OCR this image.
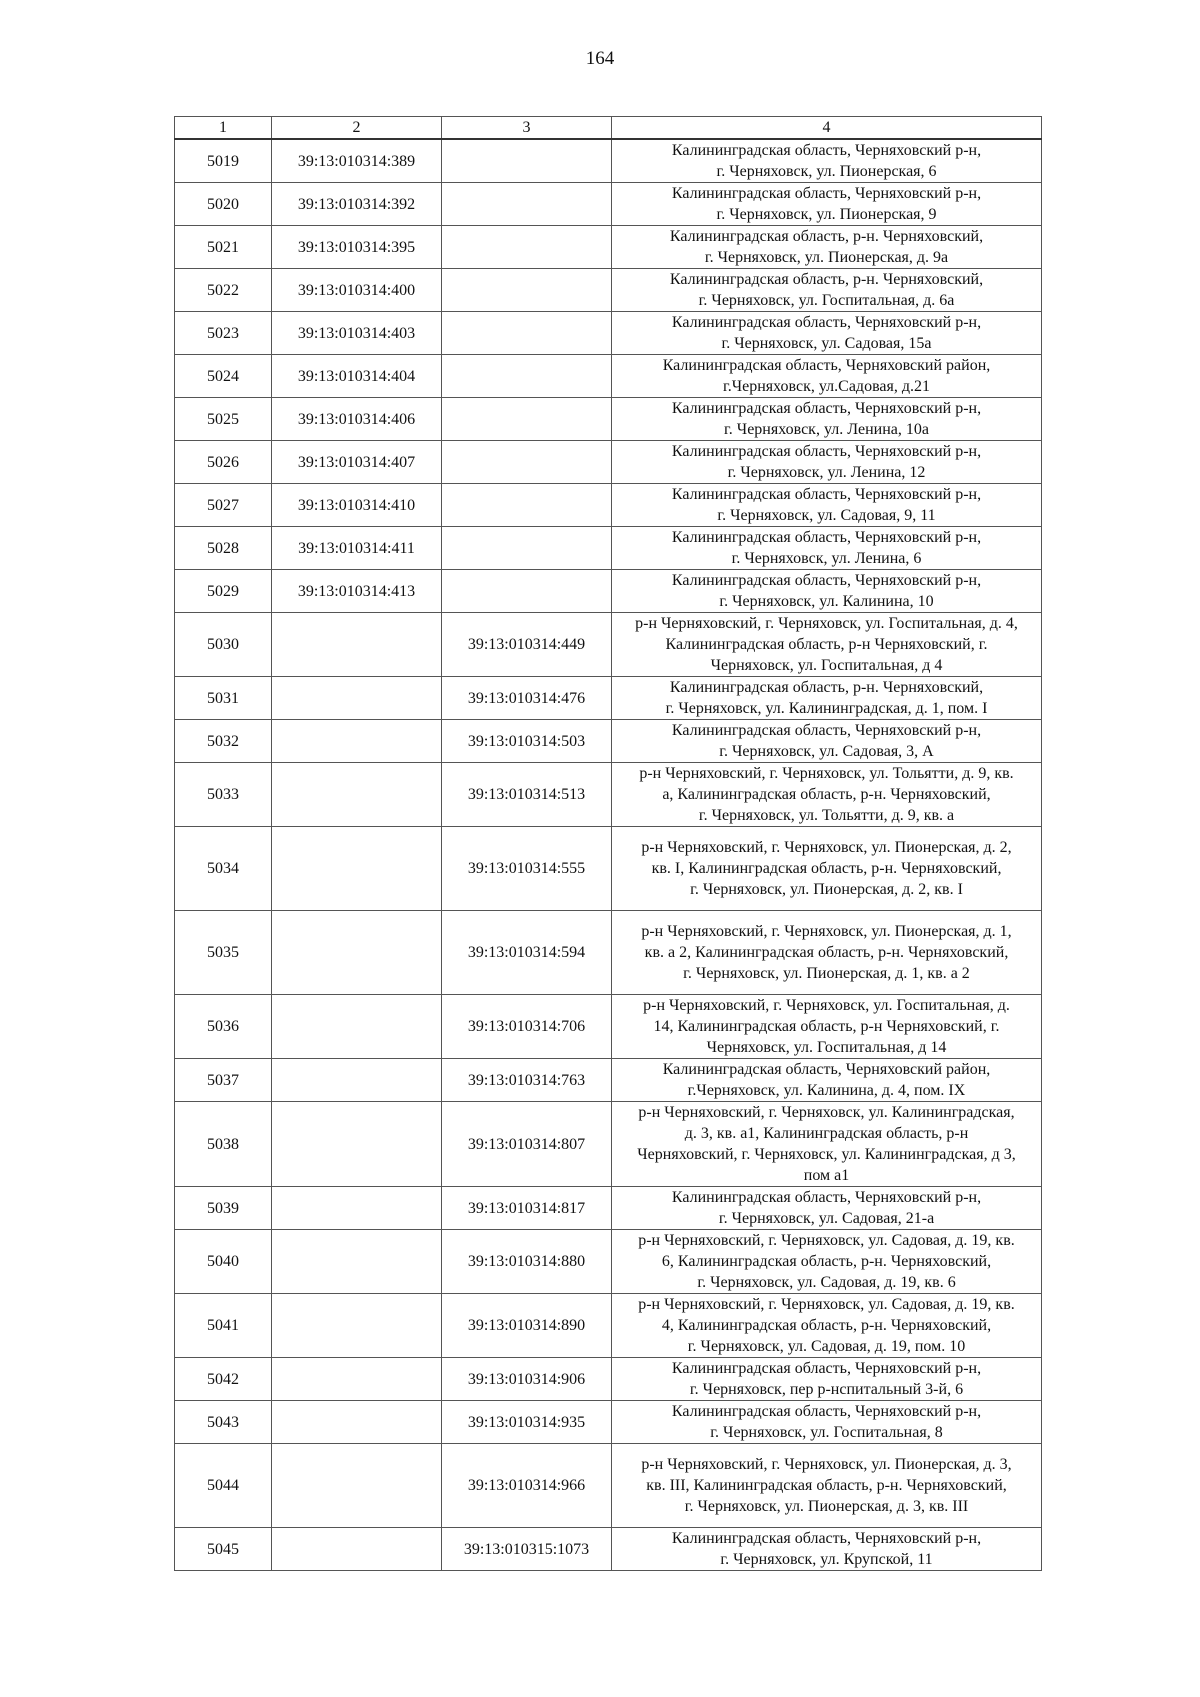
164
1	2	3	4
5019	39:13:010314:389		Калининградская область, Черняховский р-н,
г. Черняховск, ул. Пионерская, 6
5020	39:13:010314:392		Калининградская область, Черняховский р-н,
г. Черняховск, ул. Пионерская, 9
5021	39:13:010314:395		Калининградская область, р-н. Черняховский,
г. Черняховск, ул. Пионерская, д. 9а
5022	39:13:010314:400		Калининградская область, р-н. Черняховский,
г. Черняховск, ул. Госпитальная, д. 6а
5023	39:13:010314:403		Калининградская область, Черняховский р-н,
г. Черняховск, ул. Садовая, 15а
5024	39:13:010314:404		Калининградская область, Черняховский район,
г.Черняховск, ул.Садовая, д.21
5025	39:13:010314:406		Калининградская область, Черняховский р-н,
г. Черняховск, ул. Ленина, 10а
5026	39:13:010314:407		Калининградская область, Черняховский р-н,
г. Черняховск, ул. Ленина, 12
5027	39:13:010314:410		Калининградская область, Черняховский р-н,
г. Черняховск, ул. Садовая, 9, 11
5028	39:13:010314:411		Калининградская область, Черняховский р-н,
г. Черняховск, ул. Ленина, 6
5029	39:13:010314:413		Калининградская область, Черняховский р-н,
г. Черняховск, ул. Калинина, 10
5030		39:13:010314:449	р-н Черняховский, г. Черняховск, ул. Госпитальная, д. 4,
Калининградская область, р-н Черняховский, г.
Черняховск, ул. Госпитальная, д 4
5031		39:13:010314:476	Калининградская область, р-н. Черняховский,
г. Черняховск, ул. Калининградская, д. 1, пом. I
5032		39:13:010314:503	Калининградская область, Черняховский р-н,
г. Черняховск, ул. Садовая, 3, А
5033		39:13:010314:513	р-н Черняховский, г. Черняховск, ул. Тольятти, д. 9, кв.
а, Калининградская область, р-н. Черняховский,
г. Черняховск, ул. Тольятти, д. 9, кв. а
5034		39:13:010314:555	р-н Черняховский, г. Черняховск, ул. Пионерская, д. 2,
кв. I, Калининградская область, р-н. Черняховский,
г. Черняховск, ул. Пионерская, д. 2, кв. I
5035		39:13:010314:594	р-н Черняховский, г. Черняховск, ул. Пионерская, д. 1,
кв. а 2, Калининградская область, р-н. Черняховский,
г. Черняховск, ул. Пионерская, д. 1, кв. а 2
5036		39:13:010314:706	р-н Черняховский, г. Черняховск, ул. Госпитальная, д.
14, Калининградская область, р-н Черняховский, г.
Черняховск, ул. Госпитальная, д 14
5037		39:13:010314:763	Калининградская область, Черняховский район,
г.Черняховск, ул. Калинина, д. 4, пом. IX
5038		39:13:010314:807	р-н Черняховский, г. Черняховск, ул. Калининградская,
д. 3, кв. а1, Калининградская область, р-н
Черняховский, г. Черняховск, ул. Калининградская, д 3,
пом а1
5039		39:13:010314:817	Калининградская область, Черняховский р-н,
г. Черняховск, ул. Садовая, 21-а
5040		39:13:010314:880	р-н Черняховский, г. Черняховск, ул. Садовая, д. 19, кв.
6, Калининградская область, р-н. Черняховский,
г. Черняховск, ул. Садовая, д. 19, кв. 6
5041		39:13:010314:890	р-н Черняховский, г. Черняховск, ул. Садовая, д. 19, кв.
4, Калининградская область, р-н. Черняховский,
г. Черняховск, ул. Садовая, д. 19, пом. 10
5042		39:13:010314:906	Калининградская область, Черняховский р-н,
г. Черняховск, пер р-нспитальный 3-й, 6
5043		39:13:010314:935	Калининградская область, Черняховский р-н,
г. Черняховск, ул. Госпитальная, 8
5044		39:13:010314:966	р-н Черняховский, г. Черняховск, ул. Пионерская, д. 3,
кв. III, Калининградская область, р-н. Черняховский,
г. Черняховск, ул. Пионерская, д. 3, кв. III
5045		39:13:010315:1073	Калининградская область, Черняховский р-н,
г. Черняховск, ул. Крупской, 11
